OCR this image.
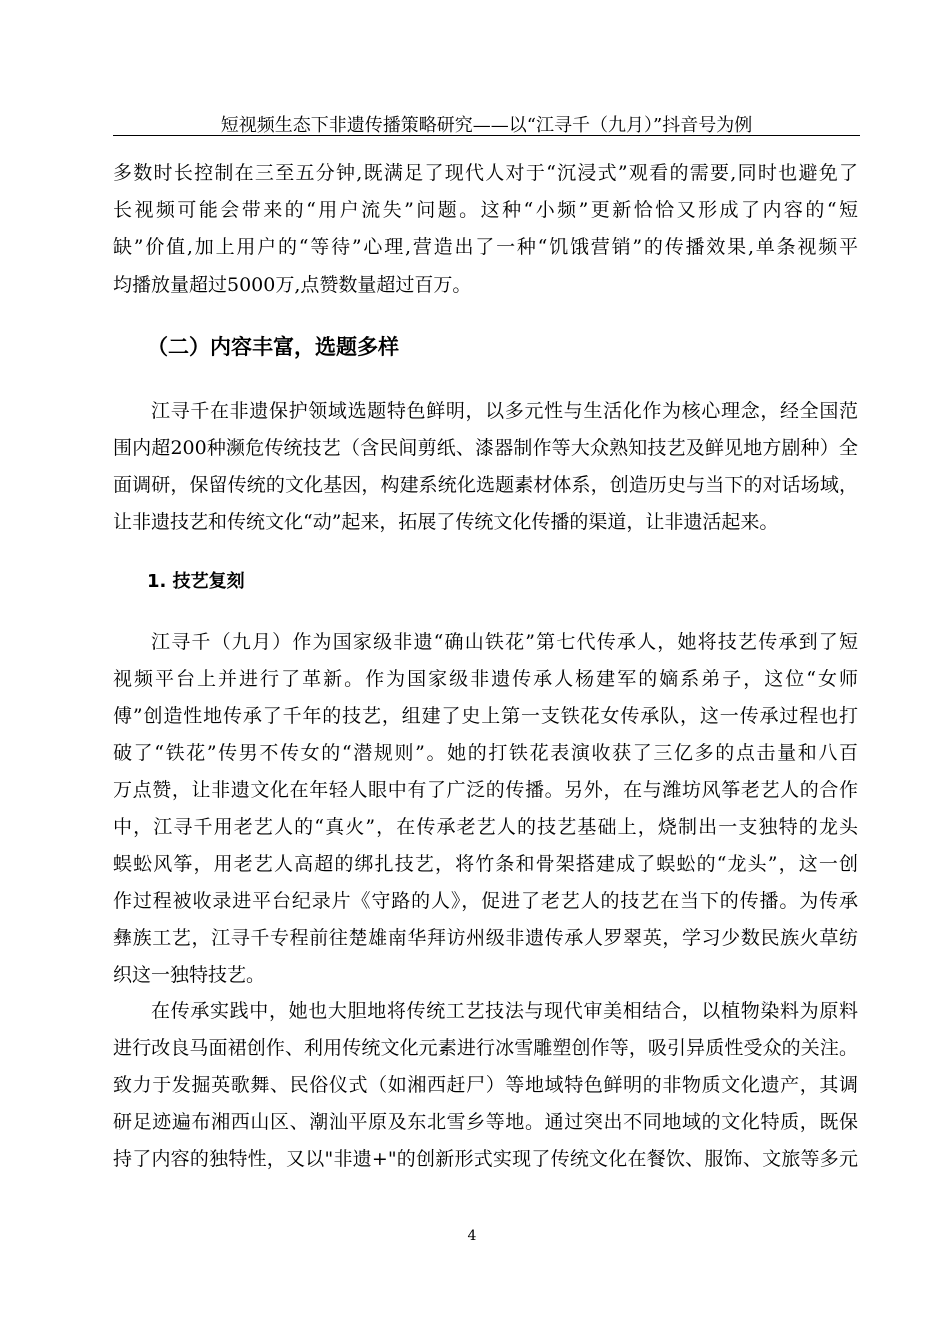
短视频生态下非遗传播策略研究——以“江寻千（九月）”抖音号为例
多数时长控制在三至五分钟,既满足了现代人对于“沉浸式”观看的需要,同时也避免了
长视频可能会带来的“用户流失”问题。这种“小频”更新恰恰又形成了内容的“短
缺”价值,加上用户的“等待”心理,营造出了一种“饥饿营销”的传播效果,单条视频平
均播放量超过5000万,点赞数量超过百万。
（二）内容丰富，选题多样
江寻千在非遗保护领域选题特色鲜明，以多元性与生活化作为核心理念，经全国范
围内超200种濒危传统技艺（含民间剪纸、漆器制作等大众熟知技艺及鲜见地方剧种）全
面调研，保留传统的文化基因，构建系统化选题素材体系，创造历史与当下的对话场域，
让非遗技艺和传统文化“动”起来，拓展了传统文化传播的渠道，让非遗活起来。
1. 技艺复刻
江寻千（九月）作为国家级非遗“确山铁花”第七代传承人，她将技艺传承到了短
视频平台上并进行了革新。作为国家级非遗传承人杨建军的嫡系弟子，这位“女师
傅”创造性地传承了千年的技艺，组建了史上第一支铁花女传承队，这一传承过程也打
破了“铁花”传男不传女的“潜规则”。她的打铁花表演收获了三亿多的点击量和八百
万点赞，让非遗文化在年轻人眼中有了广泛的传播。另外，在与潍坊风筝老艺人的合作
中，江寻千用老艺人的“真火”，在传承老艺人的技艺基础上，烧制出一支独特的龙头
蜈蚣风筝，用老艺人高超的绑扎技艺，将竹条和骨架搭建成了蜈蚣的“龙头”，这一创
作过程被收录进平台纪录片《守路的人》，促进了老艺人的技艺在当下的传播。为传承
彝族工艺，江寻千专程前往楚雄南华拜访州级非遗传承人罗翠英，学习少数民族火草纺
织这一独特技艺。
在传承实践中，她也大胆地将传统工艺技法与现代审美相结合，以植物染料为原料
进行改良马面裙创作、利用传统文化元素进行冰雪雕塑创作等，吸引异质性受众的关注。
致力于发掘英歌舞、民俗仪式（如湘西赶尸）等地域特色鲜明的非物质文化遗产，其调
研足迹遍布湘西山区、潮汕平原及东北雪乡等地。通过突出不同地域的文化特质，既保
持了内容的独特性，又以"非遗+"的创新形式实现了传统文化在餐饮、服饰、文旅等多元
4
